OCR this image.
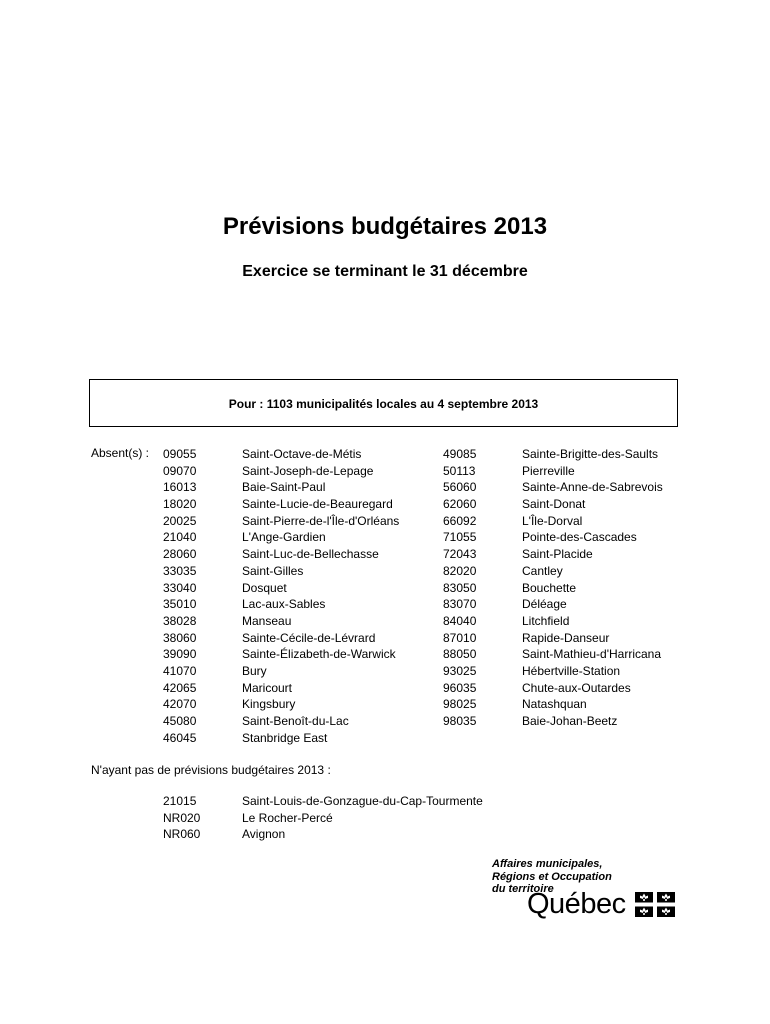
Prévisions budgétaires 2013
Exercice se terminant le 31 décembre
Pour : 1103 municipalités locales au 4 septembre 2013
Absent(s) : 09055
09070
16013
18020
20025
21040
28060
33035
33040
35010
38028
38060
39090
41070
42065
42070
45080
46045
Saint-Octave-de-Métis
Saint-Joseph-de-Lepage
Baie-Saint-Paul
Sainte-Lucie-de-Beauregard
Saint-Pierre-de-l'Île-d'Orléans
L'Ange-Gardien
Saint-Luc-de-Bellechasse
Saint-Gilles
Dosquet
Lac-aux-Sables
Manseau
Sainte-Cécile-de-Lévrard
Sainte-Élizabeth-de-Warwick
Bury
Maricourt
Kingsbury
Saint-Benoît-du-Lac
Stanbridge East
49085
50113
56060
62060
66092
71055
72043
82020
83050
83070
84040
87010
88050
93025
96035
98025
98035
Sainte-Brigitte-des-Saults
Pierreville
Sainte-Anne-de-Sabrevois
Saint-Donat
L'Île-Dorval
Pointe-des-Cascades
Saint-Placide
Cantley
Bouchette
Déléage
Litchfield
Rapide-Danseur
Saint-Mathieu-d'Harricana
Hébertville-Station
Chute-aux-Outardes
Natashquan
Baie-Johan-Beetz
N'ayant pas de prévisions budgétaires 2013 :
21015
NR020
NR060
Saint-Louis-de-Gonzague-du-Cap-Tourmente
Le Rocher-Percé
Avignon
Affaires municipales,
Régions et Occupation
du territoire
Québec
